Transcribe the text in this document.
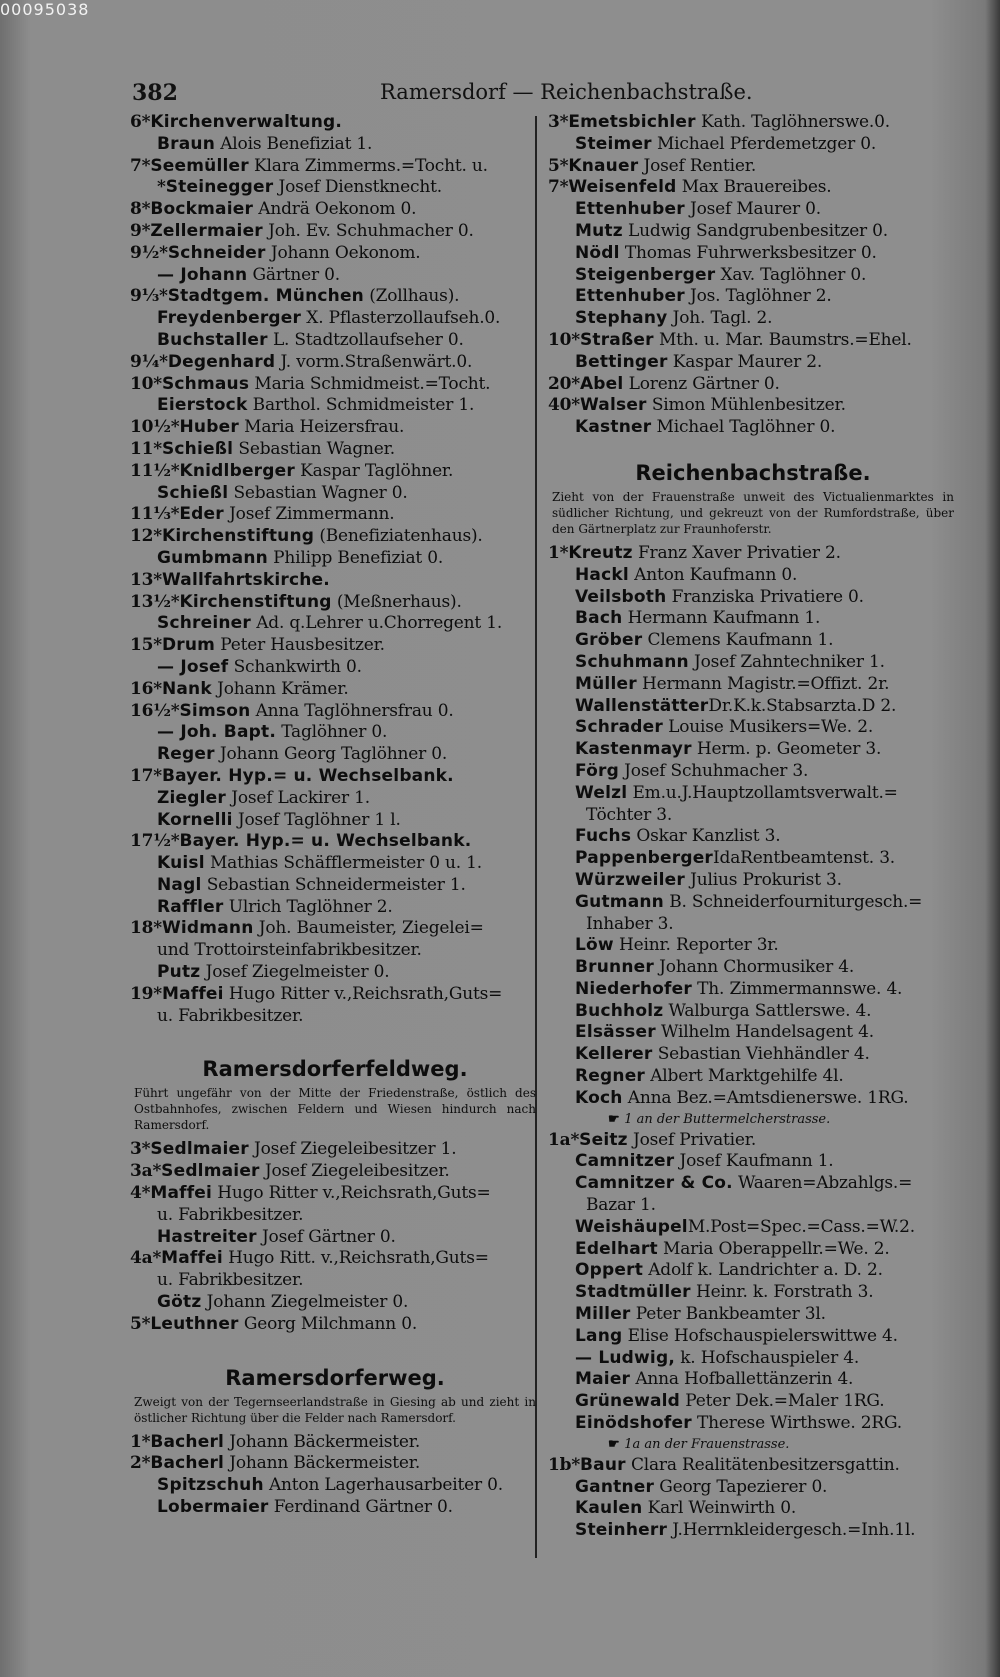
00095038
382	Ramersdorf — Reichenbachstraße.
6*Kirchenverwaltung.
Braun Alois Benefiziat 1.
7*Seemüller Klara Zimmerms.=Tocht. u.
*Steinegger Josef Dienstknecht.
8*Bockmaier Andrä Oekonom 0.
9*Zellermaier Joh. Ev. Schuhmacher 0.
9½*Schneider Johann Oekonom.
— Johann Gärtner 0.
9⅓*Stadtgem. München (Zollhaus).
Freydenberger X. Pflasterzollaufseh.0.
Buchstaller L. Stadtzollaufseher 0.
9¼*Degenhard J. vorm.Straßenwärt.0.
10*Schmaus Maria Schmidmeist.=Tocht.
Eierstock Barthol. Schmidmeister 1.
10½*Huber Maria Heizersfrau.
11*Schießl Sebastian Wagner.
11½*Knidlberger Kaspar Taglöhner.
Schießl Sebastian Wagner 0.
11⅓*Eder Josef Zimmermann.
12*Kirchenstiftung (Benefiziatenhaus).
Gumbmann Philipp Benefiziat 0.
13*Wallfahrtskirche.
13½*Kirchenstiftung (Meßnerhaus).
Schreiner Ad. q.Lehrer u.Chorregent 1.
15*Drum Peter Hausbesitzer.
— Josef Schankwirth 0.
16*Nank Johann Krämer.
16½*Simson Anna Taglöhnersfrau 0.
— Joh. Bapt. Taglöhner 0.
Reger Johann Georg Taglöhner 0.
17*Bayer. Hyp.= u. Wechselbank.
Ziegler Josef Lackirer 1.
Kornelli Josef Taglöhner 1 l.
17½*Bayer. Hyp.= u. Wechselbank.
Kuisl Mathias Schäfflermeister 0 u. 1.
Nagl Sebastian Schneidermeister 1.
Raffler Ulrich Taglöhner 2.
18*Widmann Joh. Baumeister, Ziegelei=
und Trottoirsteinfabrikbesitzer.
Putz Josef Ziegelmeister 0.
19*Maffei Hugo Ritter v.,Reichsrath,Guts=
u. Fabrikbesitzer.
Ramersdorferfeldweg.
Führt ungefähr von der Mitte der Friedenstraße, östlich des Ostbahnhofes, zwischen Feldern und Wiesen hindurch nach Ramersdorf.
3*Sedlmaier Josef Ziegeleibesitzer 1.
3a*Sedlmaier Josef Ziegeleibesitzer.
4*Maffei Hugo Ritter v.,Reichsrath,Guts=
u. Fabrikbesitzer.
Hastreiter Josef Gärtner 0.
4a*Maffei Hugo Ritt. v.,Reichsrath,Guts=
u. Fabrikbesitzer.
Götz Johann Ziegelmeister 0.
5*Leuthner Georg Milchmann 0.
Ramersdorferweg.
Zweigt von der Tegernseerlandstraße in Giesing ab und zieht in östlicher Richtung über die Felder nach Ramersdorf.
1*Bacherl Johann Bäckermeister.
2*Bacherl Johann Bäckermeister.
Spitzschuh Anton Lagerhausarbeiter 0.
Lobermaier Ferdinand Gärtner 0.
3*Emetsbichler Kath. Taglöhnerswe.0.
Steimer Michael Pferdemetzger 0.
5*Knauer Josef Rentier.
7*Weisenfeld Max Brauereibes.
Ettenhuber Josef Maurer 0.
Mutz Ludwig Sandgrubenbesitzer 0.
Nödl Thomas Fuhrwerksbesitzer 0.
Steigenberger Xav. Taglöhner 0.
Ettenhuber Jos. Taglöhner 2.
Stephany Joh. Tagl. 2.
10*Straßer Mth. u. Mar. Baumstrs.=Ehel.
Bettinger Kaspar Maurer 2.
20*Abel Lorenz Gärtner 0.
40*Walser Simon Mühlenbesitzer.
Kastner Michael Taglöhner 0.
Reichenbachstraße.
Zieht von der Frauenstraße unweit des Victualienmarktes in südlicher Richtung, und gekreuzt von der Rumfordstraße, über den Gärtnerplatz zur Fraunhoferstr.
1*Kreutz Franz Xaver Privatier 2.
Hackl Anton Kaufmann 0.
Veilsboth Franziska Privatiere 0.
Bach Hermann Kaufmann 1.
Gröber Clemens Kaufmann 1.
Schuhmann Josef Zahntechniker 1.
Müller Hermann Magistr.=Offizt. 2r.
WallenstätterDr.K.k.Stabsarzta.D 2.
Schrader Louise Musikers=We. 2.
Kastenmayr Herm. p. Geometer 3.
Förg Josef Schuhmacher 3.
Welzl Em.u.J.Hauptzollamtsverwalt.=
Töchter 3.
Fuchs Oskar Kanzlist 3.
PappenbergerIdaRentbeamtenst. 3.
Würzweiler Julius Prokurist 3.
Gutmann B. Schneiderfourniturgesch.=
Inhaber 3.
Löw Heinr. Reporter 3r.
Brunner Johann Chormusiker 4.
Niederhofer Th. Zimmermannswe. 4.
Buchholz Walburga Sattlerswe. 4.
Elsässer Wilhelm Handelsagent 4.
Kellerer Sebastian Viehhändler 4.
Regner Albert Marktgehilfe 4l.
Koch Anna Bez.=Amtsdienerswe. 1RG.
☛ 1 an der Buttermelcherstrasse.
1a*Seitz Josef Privatier.
Camnitzer Josef Kaufmann 1.
Camnitzer & Co. Waaren=Abzahlgs.=
Bazar 1.
WeishäupelM.Post=Spec.=Cass.=W.2.
Edelhart Maria Oberappellr.=We. 2.
Oppert Adolf k. Landrichter a. D. 2.
Stadtmüller Heinr. k. Forstrath 3.
Miller Peter Bankbeamter 3l.
Lang Elise Hofschauspielerswittwe 4.
— Ludwig, k. Hofschauspieler 4.
Maier Anna Hofballettänzerin 4.
Grünewald Peter Dek.=Maler 1RG.
Einödshofer Therese Wirthswe. 2RG.
☛ 1a an der Frauenstrasse.
1b*Baur Clara Realitätenbesitzersgattin.
Gantner Georg Tapezierer 0.
Kaulen Karl Weinwirth 0.
Steinherr J.Herrnkleidergesch.=Inh.1l.
